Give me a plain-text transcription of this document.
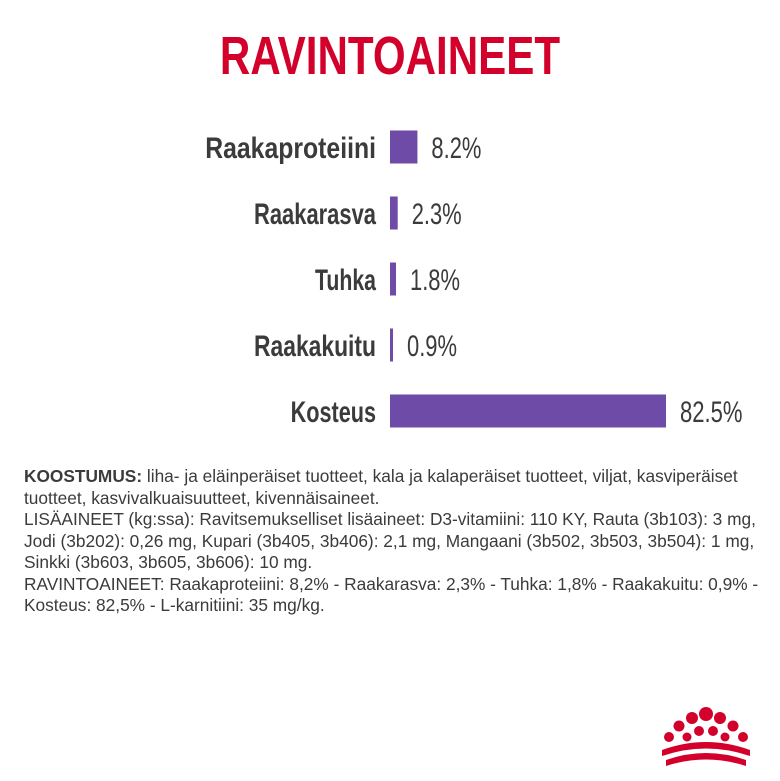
RAVINTOAINEET
Raakaproteiini 8.2%
Raakarasva 2.3%
Tuhka 1.8%
Raakakuitu 0.9%
Kosteus	82.5%

KOOSTUMUS: liha- ja eläinperäiset tuotteet, kala ja kalaperäiset tuotteet, viljat, kasviperäiset tuotteet, kasvivalkuaisuutteet, kivennäisaineet.

LISÄAINEET (kg:ssa): Ravitsemukselliset lisäaineet: D3-vitamiini: 110 KY, Rauta (3b103): 3 mg, Jodi (3b202): 0,26 mg, Kupari (3b405, 3b406): 2,1 mg, Mangaani (3b502, 3b503, 3b504): 1 mg, Sinkki (3b603, 3b605, 3b606): 10 mg.

RAVINTOAINEET: Raakaproteiini: 8,2% - Raakarasva: 2,3% - Tuhka: 1,8% - Raakakuitu: 0,9% - Kosteus: 82,5% - L-karnitiini: 35 mg/kg.
